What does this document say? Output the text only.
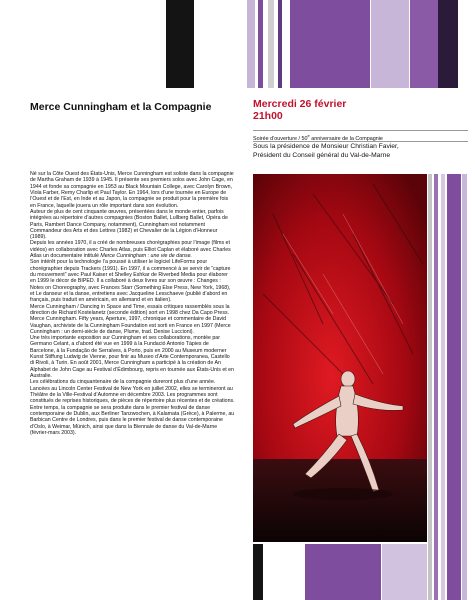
Merce Cunningham et la Compagnie	Mercredi 26 février
21h00
Soirée d’ouverture / 50e anniversaire de la Compagnie
Sous la présidence de Monsieur Christian Favier,
Président du Conseil général du Val-de-Marne

Né sur la Côte Ouest des États-Unis, Merce Cunningham est soliste dans la compagnie de Martha Graham de 1939 à 1945. Il présente ses premiers solos avec John Cage, en 1944 et fonde sa compagnie en 1953 au Black Mountain College, avec Carolyn Brown, Viola Farber, Remy Charlip et Paul Taylor. En 1964, lors d’une tournée en Europe de l’Ouest et de l’Est, en Inde et au Japon, la compagnie se produit pour la première fois en France, laquelle jouera un rôle important dans son évolution.

Auteur de plus de cent cinquante œuvres, présentées dans le monde entier, parfois intégrées au répertoire d’autres compagnies (Boston Ballet, Lullberg Ballet, Opéra de Paris, Rambert Dance Company, notamment), Cunningham est notamment Commandeur des Arts et des Lettres (1982) et Chevalier de la Légion d’Honneur (1989).

Depuis les années 1970, il a créé de nombreuses chorégraphies pour l’image (films et vidéos) en collaboration avec Charles Atlas, puis Elliot Caplan et élaboré avec Charles Atlas un documentaire intitulé Merce Cunningham : une vie de danse.

Son intérêt pour la technologie l’a poussé à utiliser le logiciel LifeForms pour chorégraphier depuis Trackers (1991). En 1997, il a commencé à se servir de “capture du mouvement” avec Paul Kaiser et Shelley Eshkar de Riverbed Media pour élaborer en 1999 le décor de BIPED. Il a collaboré à deux livres sur son œuvre : Changes : Notes on Choreography, avec Frances Starr (Something Else Press, New York, 1968), et Le danseur et la danse, entretiens avec Jacqueline Lesschaeve (publié d’abord en français, puis traduit en américain, en allemand et en italien).

Merce Cunningham / Dancing in Space and Time, essais critiques rassemblés sous la direction de Richard Kostelanetz (seconde édition) sort en 1998 chez Da Capo Press. Merce Cunningham. Fifty years, Aperture, 1997, chronique et commentaire de David Vaughan, archiviste de la Cunningham Foundation est sorti en France en 1997 (Merce Cunningham : un demi-siècle de danse, Plume, trad. Denise Luccioni).

Une très importante exposition sur Cunningham et ses collaborations, montée par Germano Celant, a d’abord été vue en 1999 à la Fundació Antonio Tàpies de Barcelone, à la Fundação de Serralves, à Porto, puis en 2000 au Museum moderner Kunst Stiffung Ludwig de Vienne, pour finir au Museo d’Arte Contemporanea, Castello di Rivoli, à Turin. En août 2001, Merce Cunningham a participé à la création de An Alphabet de John Cage au Festival d’Édimbourg, repris en tournée aux États-Unis et en Australie.

Les célébrations du cinquantenaire de la compagnie dureront plus d’une année. Lancées au Lincoln Center Festival de New York en juillet 2002, elles se termineront au Théâtre de la Ville-Festival d’Automne en décembre 2003. Les programmes sont constitués de reprises historiques, de pièces de répertoire plus récentes et de créations. Entre temps, la compagnie se sera produite dans le premier festival de danse contemporaine de Dublin, aux Berliner Tanzwochen, à Kalamata (Grèce), à Palerme, au Barbican Centre de Londres, puis dans le premier festival de danse contemporaine d’Oslo, à Weimar, Münich, ainsi que dans la Biennale de danse du Val-de-Marne (février-mars 2003).
